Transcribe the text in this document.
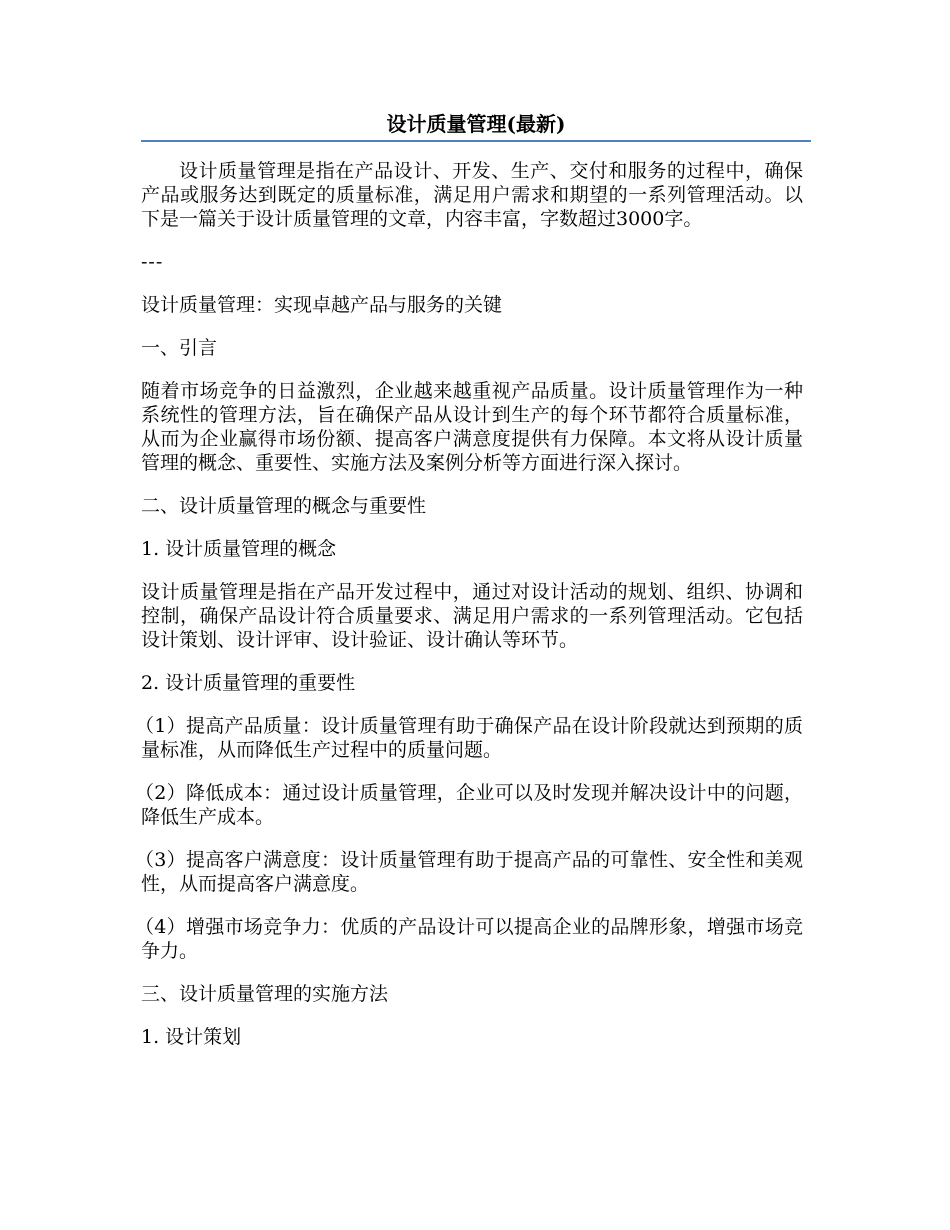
设计质量管理(最新)

设计质量管理是指在产品设计、开发、生产、交付和服务的过程中，确保产品或服务达到既定的质量标准，满足用户需求和期望的一系列管理活动。以下是一篇关于设计质量管理的文章，内容丰富，字数超过3000字。

---

设计质量管理：实现卓越产品与服务的关键

一、引言

随着市场竞争的日益激烈，企业越来越重视产品质量。设计质量管理作为一种系统性的管理方法，旨在确保产品从设计到生产的每个环节都符合质量标准，从而为企业赢得市场份额、提高客户满意度提供有力保障。本文将从设计质量管理的概念、重要性、实施方法及案例分析等方面进行深入探讨。

二、设计质量管理的概念与重要性

1. 设计质量管理的概念

设计质量管理是指在产品开发过程中，通过对设计活动的规划、组织、协调和控制，确保产品设计符合质量要求、满足用户需求的一系列管理活动。它包括设计策划、设计评审、设计验证、设计确认等环节。

2. 设计质量管理的重要性

（1）提高产品质量：设计质量管理有助于确保产品在设计阶段就达到预期的质量标准，从而降低生产过程中的质量问题。

（2）降低成本：通过设计质量管理，企业可以及时发现并解决设计中的问题，降低生产成本。

（3）提高客户满意度：设计质量管理有助于提高产品的可靠性、安全性和美观性，从而提高客户满意度。

（4）增强市场竞争力：优质的产品设计可以提高企业的品牌形象，增强市场竞争力。

三、设计质量管理的实施方法

1. 设计策划
